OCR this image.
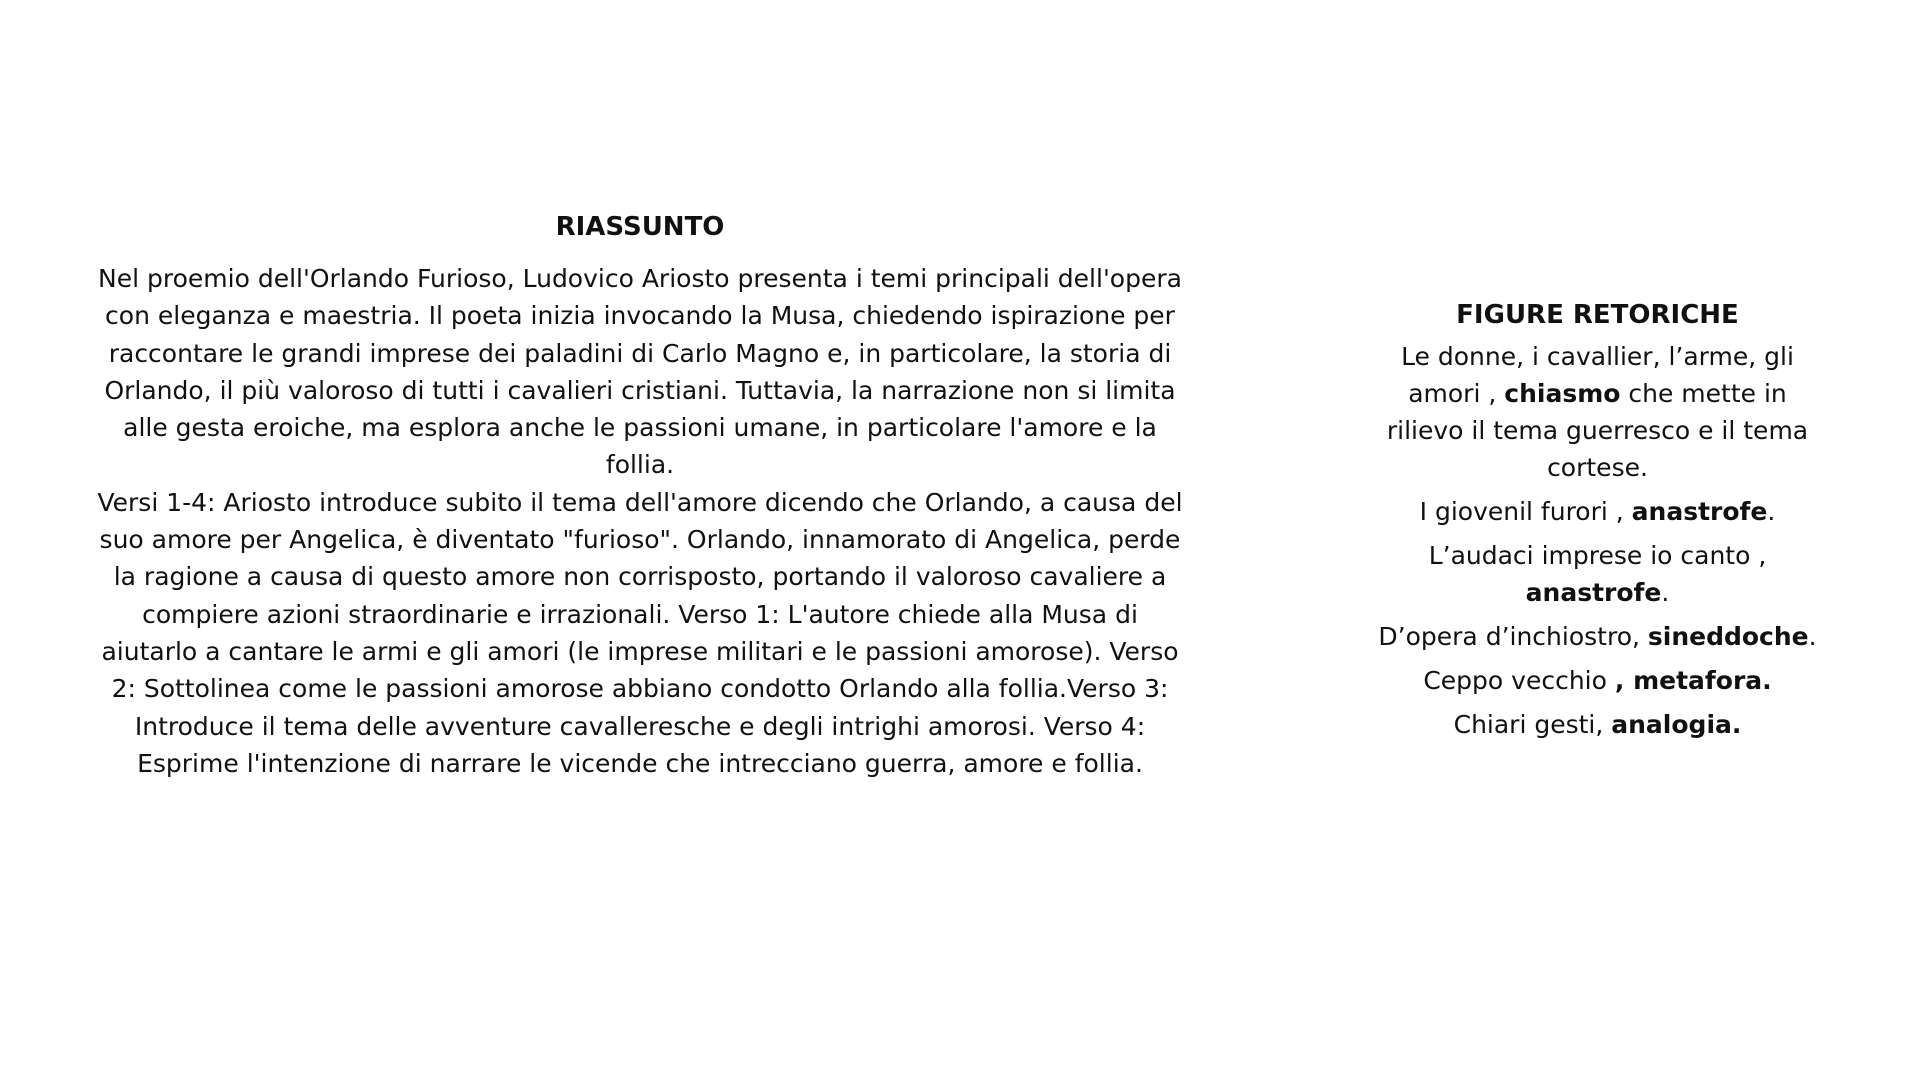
RIASSUNTO

Nel proemio dell'Orlando Furioso, Ludovico Ariosto presenta i temi principali dell'opera con eleganza e maestria. Il poeta inizia invocando la Musa, chiedendo ispirazione per raccontare le grandi imprese dei paladini di Carlo Magno e, in particolare, la storia di Orlando, il più valoroso di tutti i cavalieri cristiani. Tuttavia, la narrazione non si limita alle gesta eroiche, ma esplora anche le passioni umane, in particolare l'amore e la follia.

Versi 1-4: Ariosto introduce subito il tema dell'amore dicendo che Orlando, a causa del suo amore per Angelica, è diventato "furioso". Orlando, innamorato di Angelica, perde la ragione a causa di questo amore non corrisposto, portando il valoroso cavaliere a compiere azioni straordinarie e irrazionali. Verso 1: L'autore chiede alla Musa di aiutarlo a cantare le armi e gli amori (le imprese militari e le passioni amorose). Verso 2: Sottolinea come le passioni amorose abbiano condotto Orlando alla follia.Verso 3: Introduce il tema delle avventure cavalleresche e degli intrighi amorosi. Verso 4: Esprime l'intenzione di narrare le vicende che intrecciano guerra, amore e follia.

FIGURE RETORICHE

Le donne, i cavallier, l’arme, gli amori , chiasmo che mette in rilievo il tema guerresco e il tema cortese.

I giovenil furori , anastrofe.

L’audaci imprese io canto , anastrofe.

D’opera d’inchiostro, sineddoche.

Ceppo vecchio , metafora.

Chiari gesti, analogia.
